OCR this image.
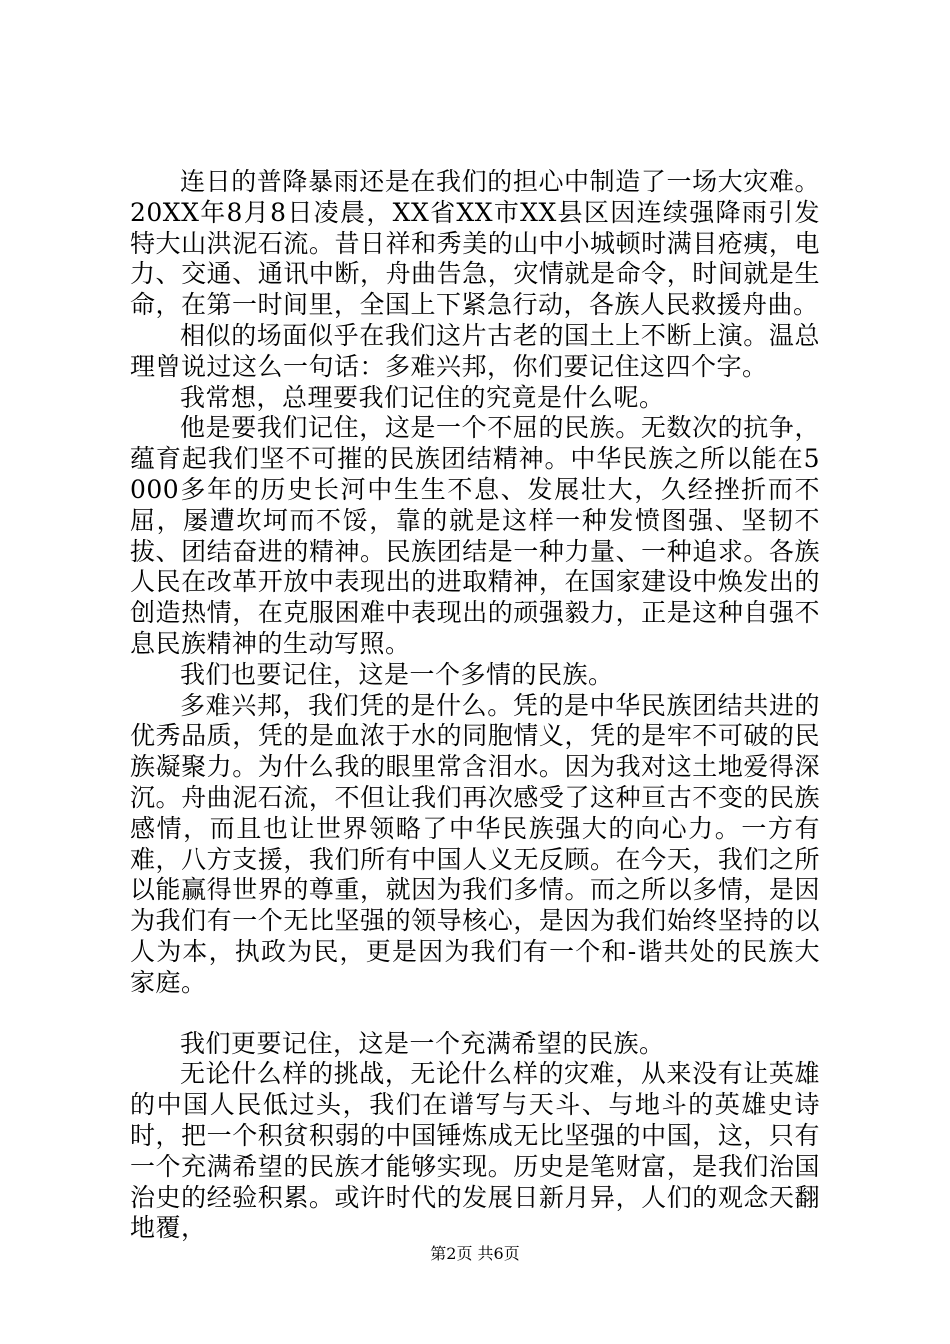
连日的普降暴雨还是在我们的担心中制造了一场大灾难。20XX年8月8日凌晨，XX省XX市XX县区因连续强降雨引发特大山洪泥石流。昔日祥和秀美的山中小城顿时满目疮痍，电力、交通、通讯中断，舟曲告急，灾情就是命令，时间就是生命，在第一时间里，全国上下紧急行动，各族人民救援舟曲。

相似的场面似乎在我们这片古老的国土上不断上演。温总理曾说过这么一句话：多难兴邦，你们要记住这四个字。

我常想，总理要我们记住的究竟是什么呢。

他是要我们记住，这是一个不屈的民族。无数次的抗争，蕴育起我们坚不可摧的民族团结精神。中华民族之所以能在5000多年的历史长河中生生不息、发展壮大，久经挫折而不屈，屡遭坎坷而不馁，靠的就是这样一种发愤图强、坚韧不拔、团结奋进的精神。民族团结是一种力量、一种追求。各族人民在改革开放中表现出的进取精神，在国家建设中焕发出的创造热情，在克服困难中表现出的顽强毅力，正是这种自强不息民族精神的生动写照。

我们也要记住，这是一个多情的民族。

多难兴邦，我们凭的是什么。凭的是中华民族团结共进的优秀品质，凭的是血浓于水的同胞情义，凭的是牢不可破的民族凝聚力。为什么我的眼里常含泪水。因为我对这土地爱得深沉。舟曲泥石流，不但让我们再次感受了这种亘古不变的民族感情，而且也让世界领略了中华民族强大的向心力。一方有难，八方支援，我们所有中国人义无反顾。在今天，我们之所以能赢得世界的尊重，就因为我们多情。而之所以多情，是因为我们有一个无比坚强的领导核心，是因为我们始终坚持的以人为本，执政为民，更是因为我们有一个和-谐共处的民族大家庭。

我们更要记住，这是一个充满希望的民族。

无论什么样的挑战，无论什么样的灾难，从来没有让英雄的中国人民低过头，我们在谱写与天斗、与地斗的英雄史诗时，把一个积贫积弱的中国锤炼成无比坚强的中国，这，只有一个充满希望的民族才能够实现。历史是笔财富，是我们治国治史的经验积累。或许时代的发展日新月异，人们的观念天翻地覆，

第2页 共6页
